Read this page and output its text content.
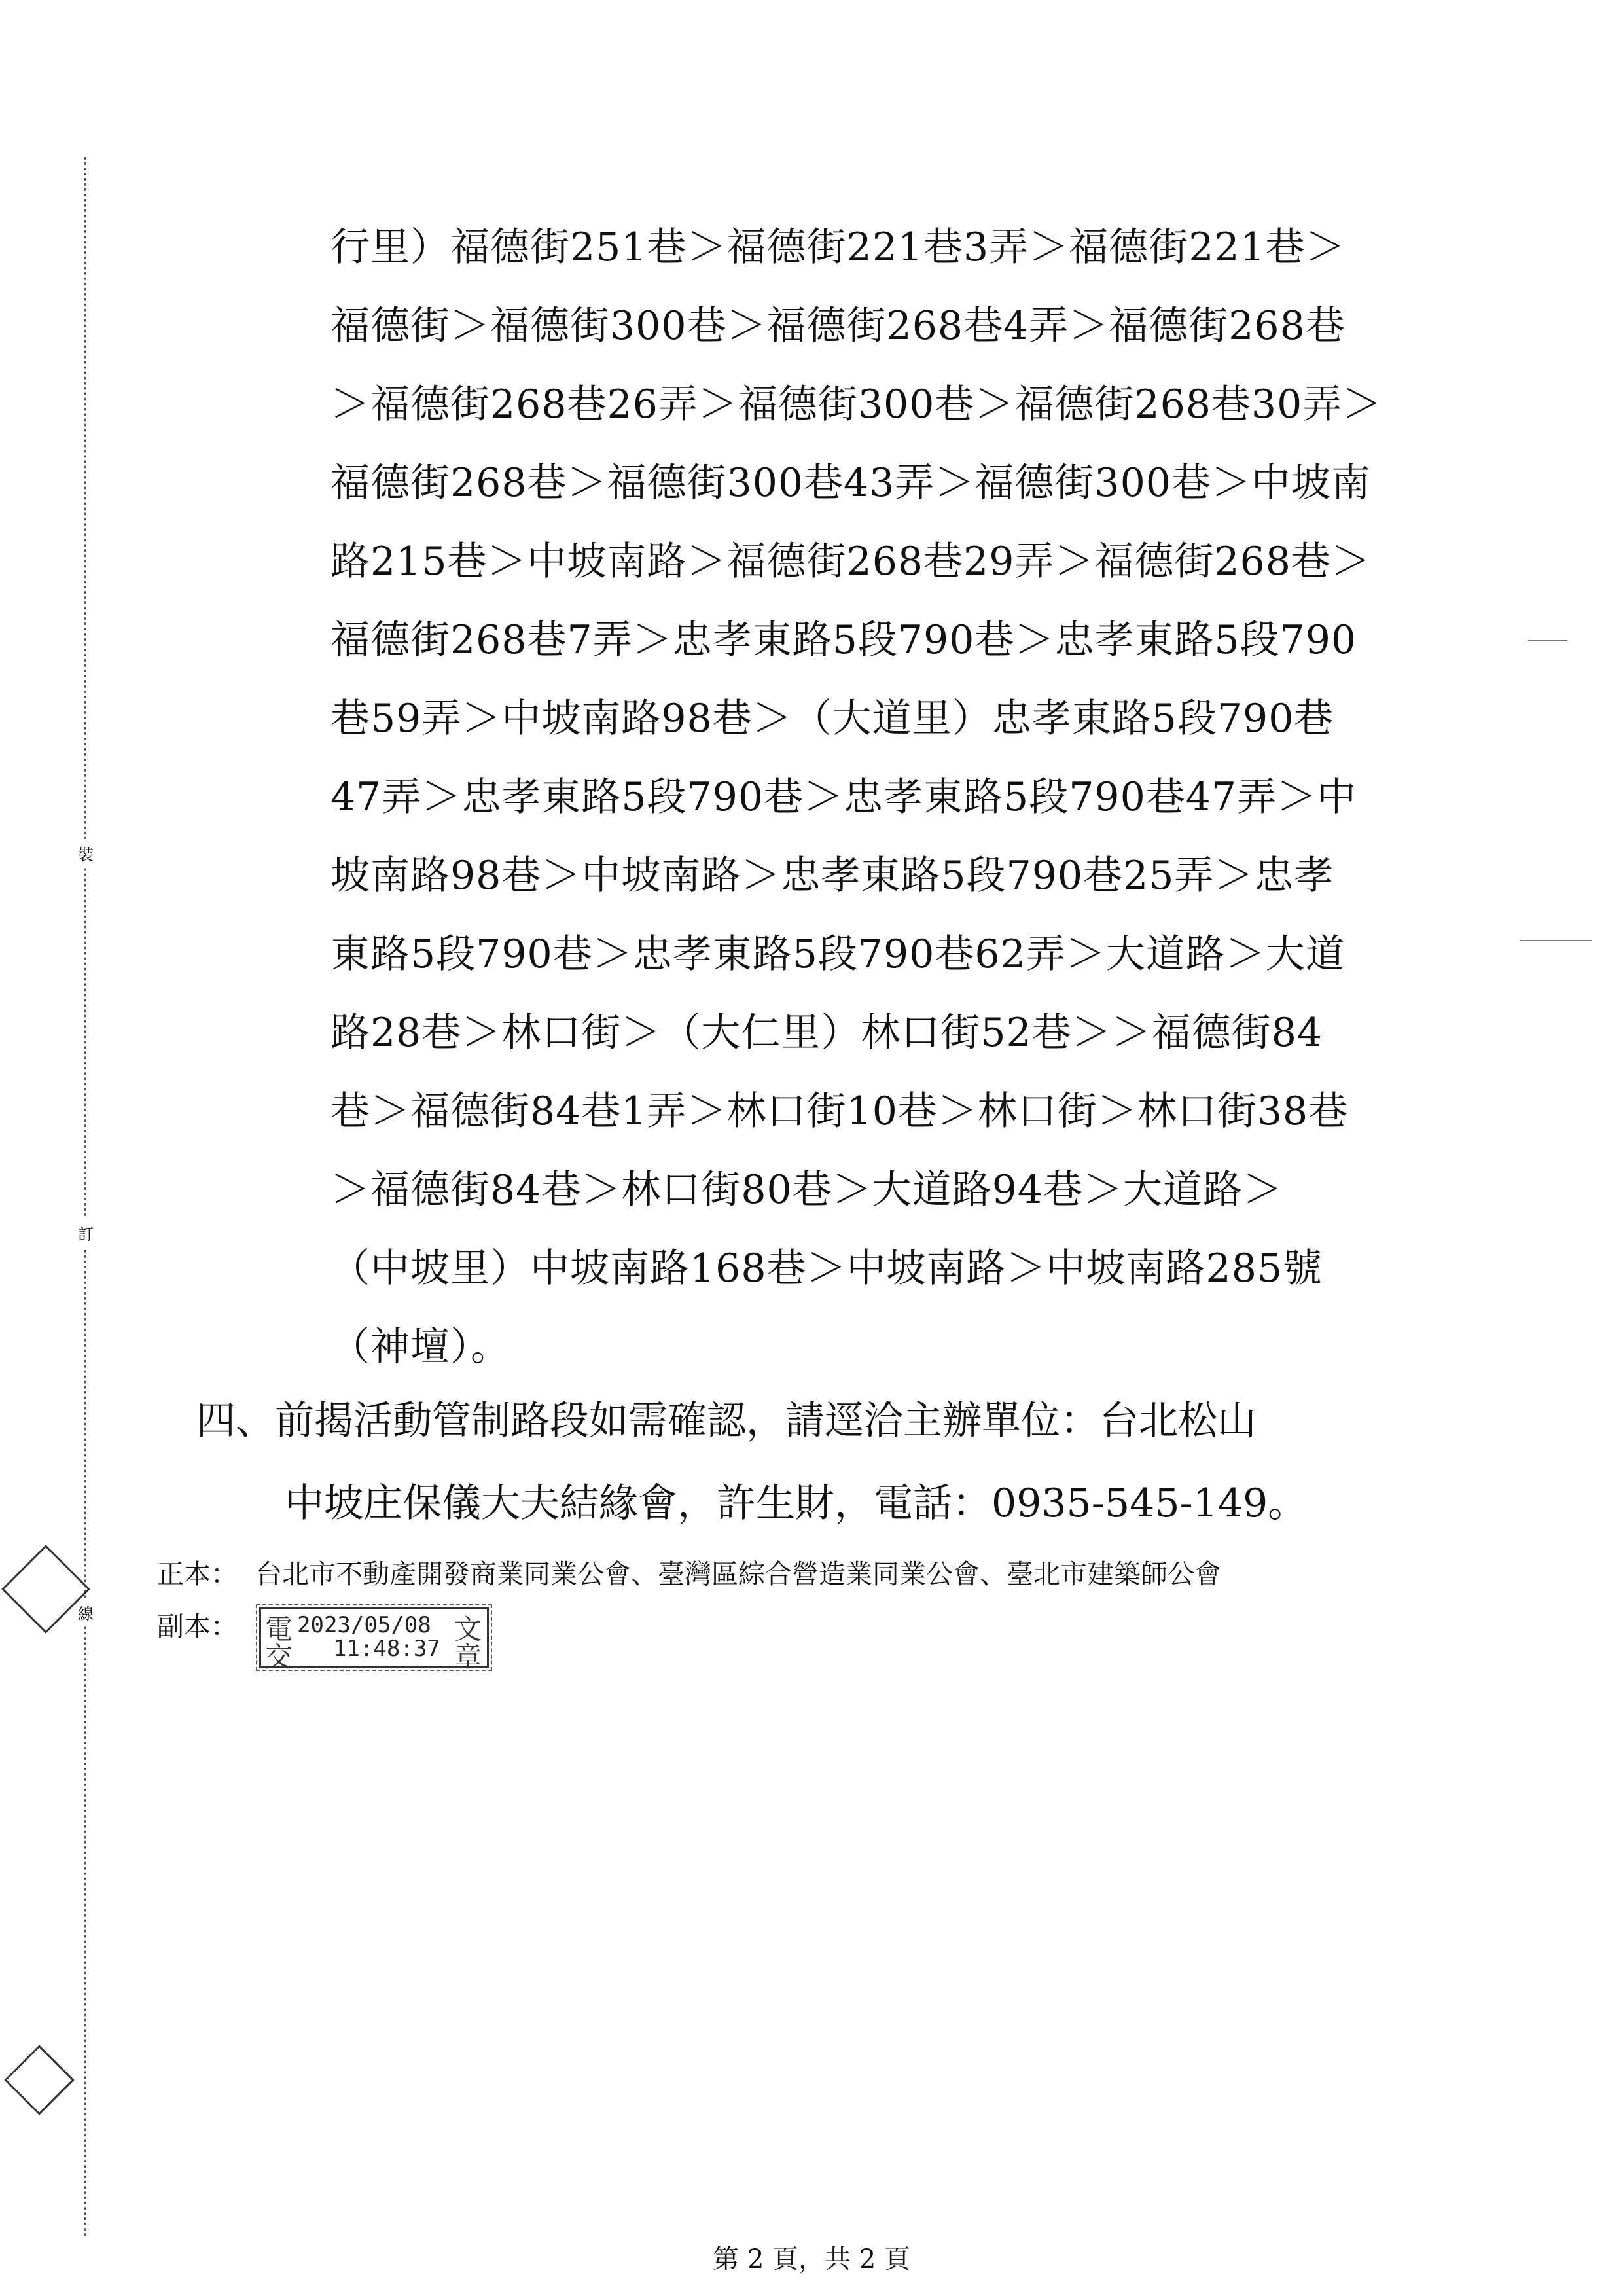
裝
訂
線
行里）福德街251巷＞福德街221巷3弄＞福德街221巷＞
福德街＞福德街300巷＞福德街268巷4弄＞福德街268巷
＞福德街268巷26弄＞福德街300巷＞福德街268巷30弄＞
福德街268巷＞福德街300巷43弄＞福德街300巷＞中坡南
路215巷＞中坡南路＞福德街268巷29弄＞福德街268巷＞
福德街268巷7弄＞忠孝東路5段790巷＞忠孝東路5段790
巷59弄＞中坡南路98巷＞（大道里）忠孝東路5段790巷
47弄＞忠孝東路5段790巷＞忠孝東路5段790巷47弄＞中
坡南路98巷＞中坡南路＞忠孝東路5段790巷25弄＞忠孝
東路5段790巷＞忠孝東路5段790巷62弄＞大道路＞大道
路28巷＞林口街＞（大仁里）林口街52巷＞＞福德街84
巷＞福德街84巷1弄＞林口街10巷＞林口街＞林口街38巷
＞福德街84巷＞林口街80巷＞大道路94巷＞大道路＞
（中坡里）中坡南路168巷＞中坡南路＞中坡南路285號
（神壇）。
四、前揭活動管制路段如需確認，請逕洽主辦單位：台北松山
中坡庄保儀大夫結緣會，許生財，電話：0935-545-149。
正本： 台北市不動產開發商業同業公會、臺灣區綜合營造業同業公會、臺北市建築師公會
副本：	電
交
文
章
2023/05/08
11:48:37
第 2 頁，共 2 頁
